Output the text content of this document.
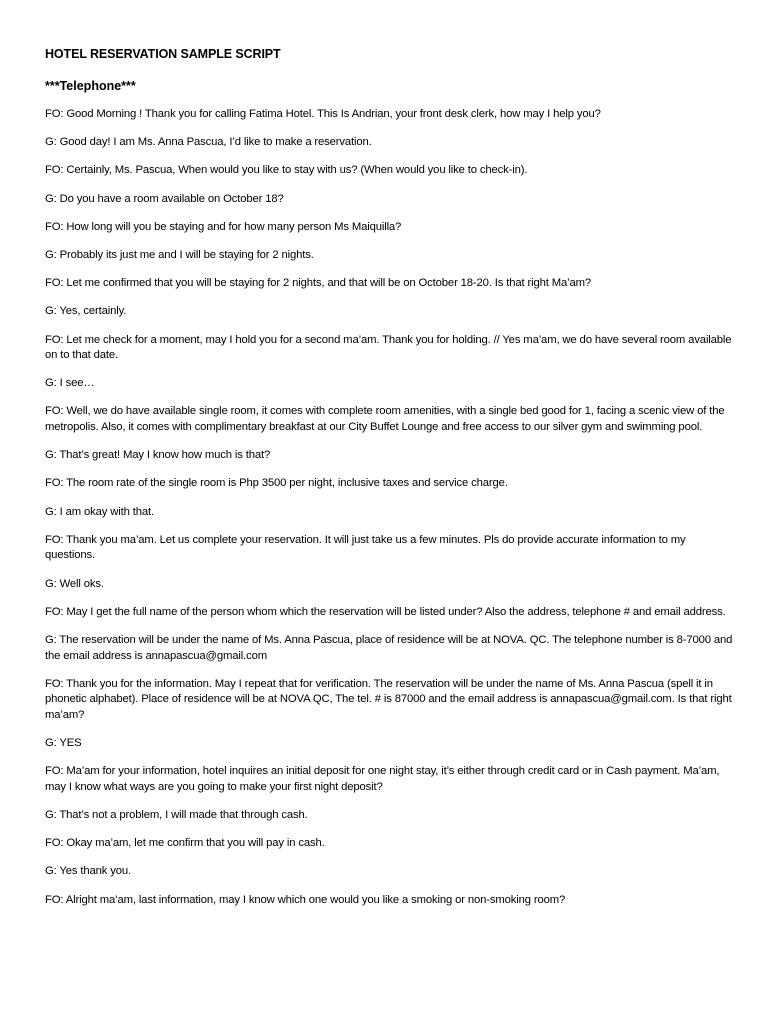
HOTEL RESERVATION SAMPLE SCRIPT
***Telephone***
FO: Good Morning ! Thank you for calling Fatima Hotel. This Is Andrian, your front desk clerk, how may I help you?
G: Good day! I am Ms. Anna Pascua, I’d like to make a reservation.
FO: Certainly, Ms. Pascua, When would you like to stay with us? (When would you like to check-in).
G: Do you have a room available on October 18?
FO: How long will you be staying and for how many person Ms Maiquilla?
G: Probably its just me and I will be staying for 2 nights.
FO: Let me confirmed that you will be staying for 2 nights, and that will be on October 18-20. Is that right Ma’am?
G: Yes, certainly.
FO: Let me check for a moment, may I hold you for a second ma’am. Thank you for holding. // Yes ma’am, we do have several room available on to that date.
G: I see…
FO: Well, we do have available single room, it comes with complete room amenities, with a single bed good for 1, facing a scenic view of the metropolis. Also, it comes with complimentary breakfast at our City Buffet Lounge and free access to our silver gym and swimming pool.
G: That’s great! May I know how much is that?
FO: The room rate of the single room is Php 3500 per night, inclusive taxes and service charge.
G: I am okay with that.
FO: Thank you ma’am. Let us complete your reservation. It will just take us a few minutes. Pls do provide accurate information to my questions.
G: Well oks.
FO: May I get the full name of the person whom which the reservation will be listed under? Also the address, telephone # and email address.
G: The reservation will be under the name of Ms. Anna Pascua, place of residence will be at NOVA. QC. The telephone number is 8-7000 and the email address is annapascua@gmail.com
FO: Thank you for the information. May I repeat that for verification. The reservation will be under the name of Ms. Anna Pascua (spell it in phonetic alphabet). Place of residence will be at NOVA QC, The tel. # is 87000 and the email address is annapascua@gmail.com. Is that right ma’am?
G: YES
FO: Ma’am for your information, hotel inquires an initial deposit for one night stay, it’s either through credit card or in Cash payment. Ma’am, may I know what ways are you going to make your first night deposit?
G: That’s not a problem, I will made that through cash.
FO: Okay ma’am, let me confirm that you will pay in cash.
G: Yes thank you.
FO: Alright ma’am, last information, may I know which one would you like a smoking or non-smoking room?
